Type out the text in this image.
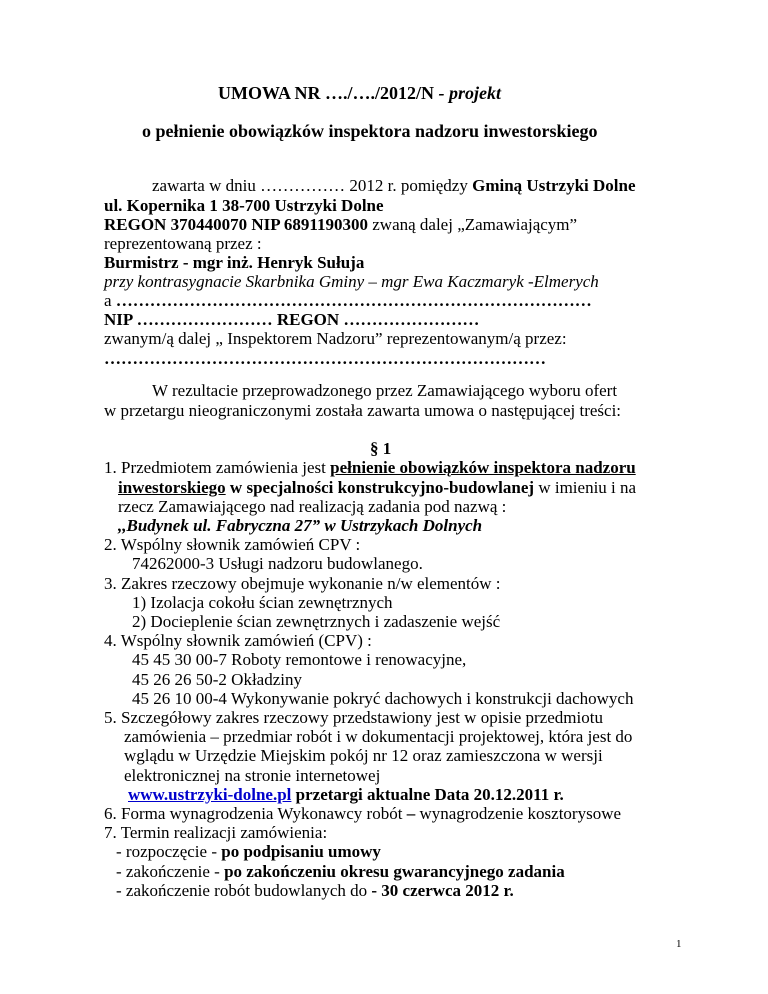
UMOWA NR …./…./2012/N - projekt
o pełnienie obowiązków inspektora nadzoru inwestorskiego
zawarta w dniu …………… 2012 r. pomiędzy Gminą Ustrzyki Dolne
ul. Kopernika 1 38-700 Ustrzyki Dolne
REGON 370440070 NIP 6891190300 zwaną dalej „Zamawiającym”
reprezentowaną przez :
Burmistrz - mgr inż. Henryk Sułuja
przy kontrasygnacie Skarbnika Gminy – mgr Ewa Kaczmaryk -Elmerych
a …………………………………………………………………………
NIP …………………… REGON ……………………
zwanym/ą dalej „ Inspektorem Nadzoru” reprezentowanym/ą przez:
……………………………………………………………………
W rezultacie przeprowadzonego przez Zamawiającego wyboru ofert
w przetargu nieograniczonymi została zawarta umowa o następującej treści:
§ 1
1. Przedmiotem zamówienia jest pełnienie obowiązków inspektora nadzoru
inwestorskiego w specjalności konstrukcyjno-budowlanej w imieniu i na
rzecz Zamawiającego nad realizacją zadania pod nazwą :
,,Budynek ul. Fabryczna 27” w Ustrzykach Dolnych
2. Wspólny słownik zamówień CPV :
74262000-3 Usługi nadzoru budowlanego.
3. Zakres rzeczowy obejmuje wykonanie n/w elementów :
1) Izolacja cokołu ścian zewnętrznych
2) Docieplenie ścian zewnętrznych i zadaszenie wejść
4. Wspólny słownik zamówień (CPV) :
45 45 30 00-7 Roboty remontowe i renowacyjne,
45 26 26 50-2 Okładziny
45 26 10 00-4 Wykonywanie pokryć dachowych i konstrukcji dachowych
5. Szczegółowy zakres rzeczowy przedstawiony jest w opisie przedmiotu
zamówienia – przedmiar robót i w dokumentacji projektowej, która jest do
wglądu w Urzędzie Miejskim pokój nr 12 oraz zamieszczona w wersji
elektronicznej na stronie internetowej
www.ustrzyki-dolne.pl przetargi aktualne Data 20.12.2011 r.
6. Forma wynagrodzenia Wykonawcy robót – wynagrodzenie kosztorysowe
7. Termin realizacji zamówienia:
- rozpoczęcie - po podpisaniu umowy
- zakończenie - po zakończeniu okresu gwarancyjnego zadania
- zakończenie robót budowlanych do - 30 czerwca 2012 r.
1
